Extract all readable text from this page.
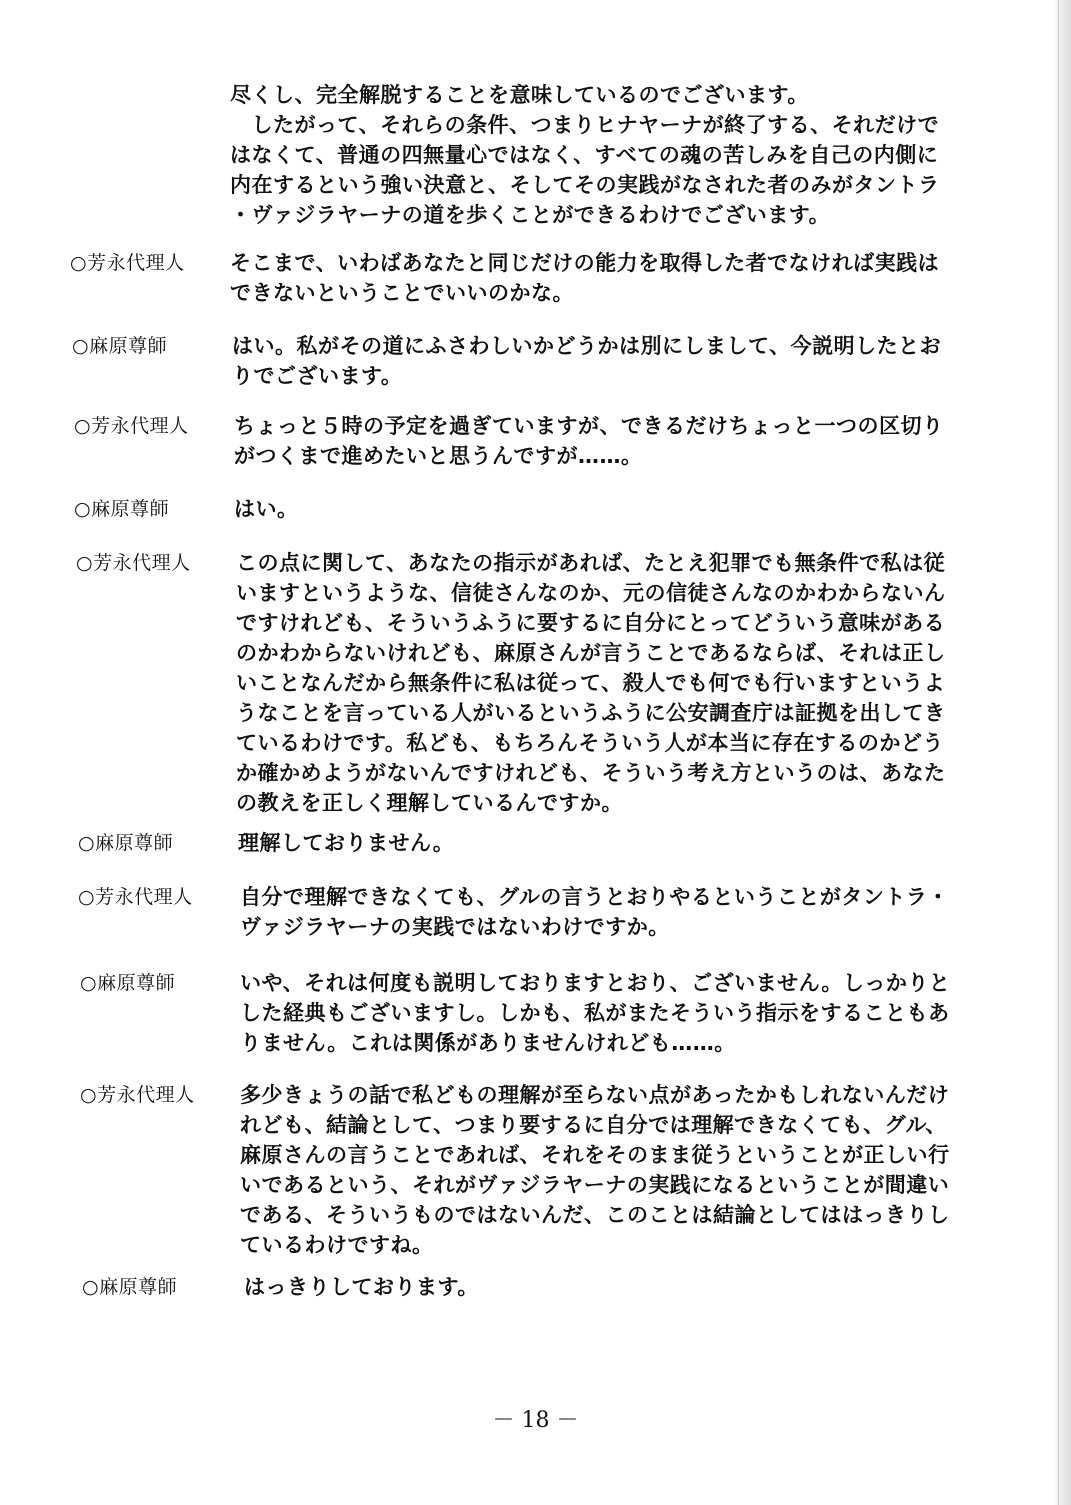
尽くし、完全解脱することを意味しているのでございます。
　したがって、それらの条件、つまりヒナヤーナが終了する、それだけで
はなくて、普通の四無量心ではなく、すべての魂の苦しみを自己の内側に
内在するという強い決意と、そしてその実践がなされた者のみがタントラ
・ヴァジラヤーナの道を歩くことができるわけでございます。
○芳永代理人 そこまで、いわばあなたと同じだけの能力を取得した者でなければ実践は
できないということでいいのかな。
○麻原尊師	はい。私がその道にふさわしいかどうかは別にしまして、今説明したとお
りでございます。
○芳永代理人 ちょっと５時の予定を過ぎていますが、できるだけちょっと一つの区切り
がつくまで進めたいと思うんですが……。
○麻原尊師	はい。
○芳永代理人 この点に関して、あなたの指示があれば、たとえ犯罪でも無条件で私は従
いますというような、信徒さんなのか、元の信徒さんなのかわからないん
ですけれども、そういうふうに要するに自分にとってどういう意味がある
のかわからないけれども、麻原さんが言うことであるならば、それは正し
いことなんだから無条件に私は従って、殺人でも何でも行いますというよ
うなことを言っている人がいるというふうに公安調査庁は証拠を出してき
ているわけです。私ども、もちろんそういう人が本当に存在するのかどう
か確かめようがないんですけれども、そういう考え方というのは、あなた
の教えを正しく理解しているんですか。
○麻原尊師	理解しておりません。
○芳永代理人 自分で理解できなくても、グルの言うとおりやるということがタントラ・
ヴァジラヤーナの実践ではないわけですか。
○麻原尊師	いや、それは何度も説明しておりますとおり、ございません。しっかりと
した経典もございますし。しかも、私がまたそういう指示をすることもあ
りません。これは関係がありませんけれども……。
○芳永代理人 多少きょうの話で私どもの理解が至らない点があったかもしれないんだけ
れども、結論として、つまり要するに自分では理解できなくても、グル、
麻原さんの言うことであれば、それをそのまま従うということが正しい行
いであるという、それがヴァジラヤーナの実践になるということが間違い
である、そういうものではないんだ、このことは結論としてははっきりし
ているわけですね。
○麻原尊師	はっきりしております。
－ 18 －
